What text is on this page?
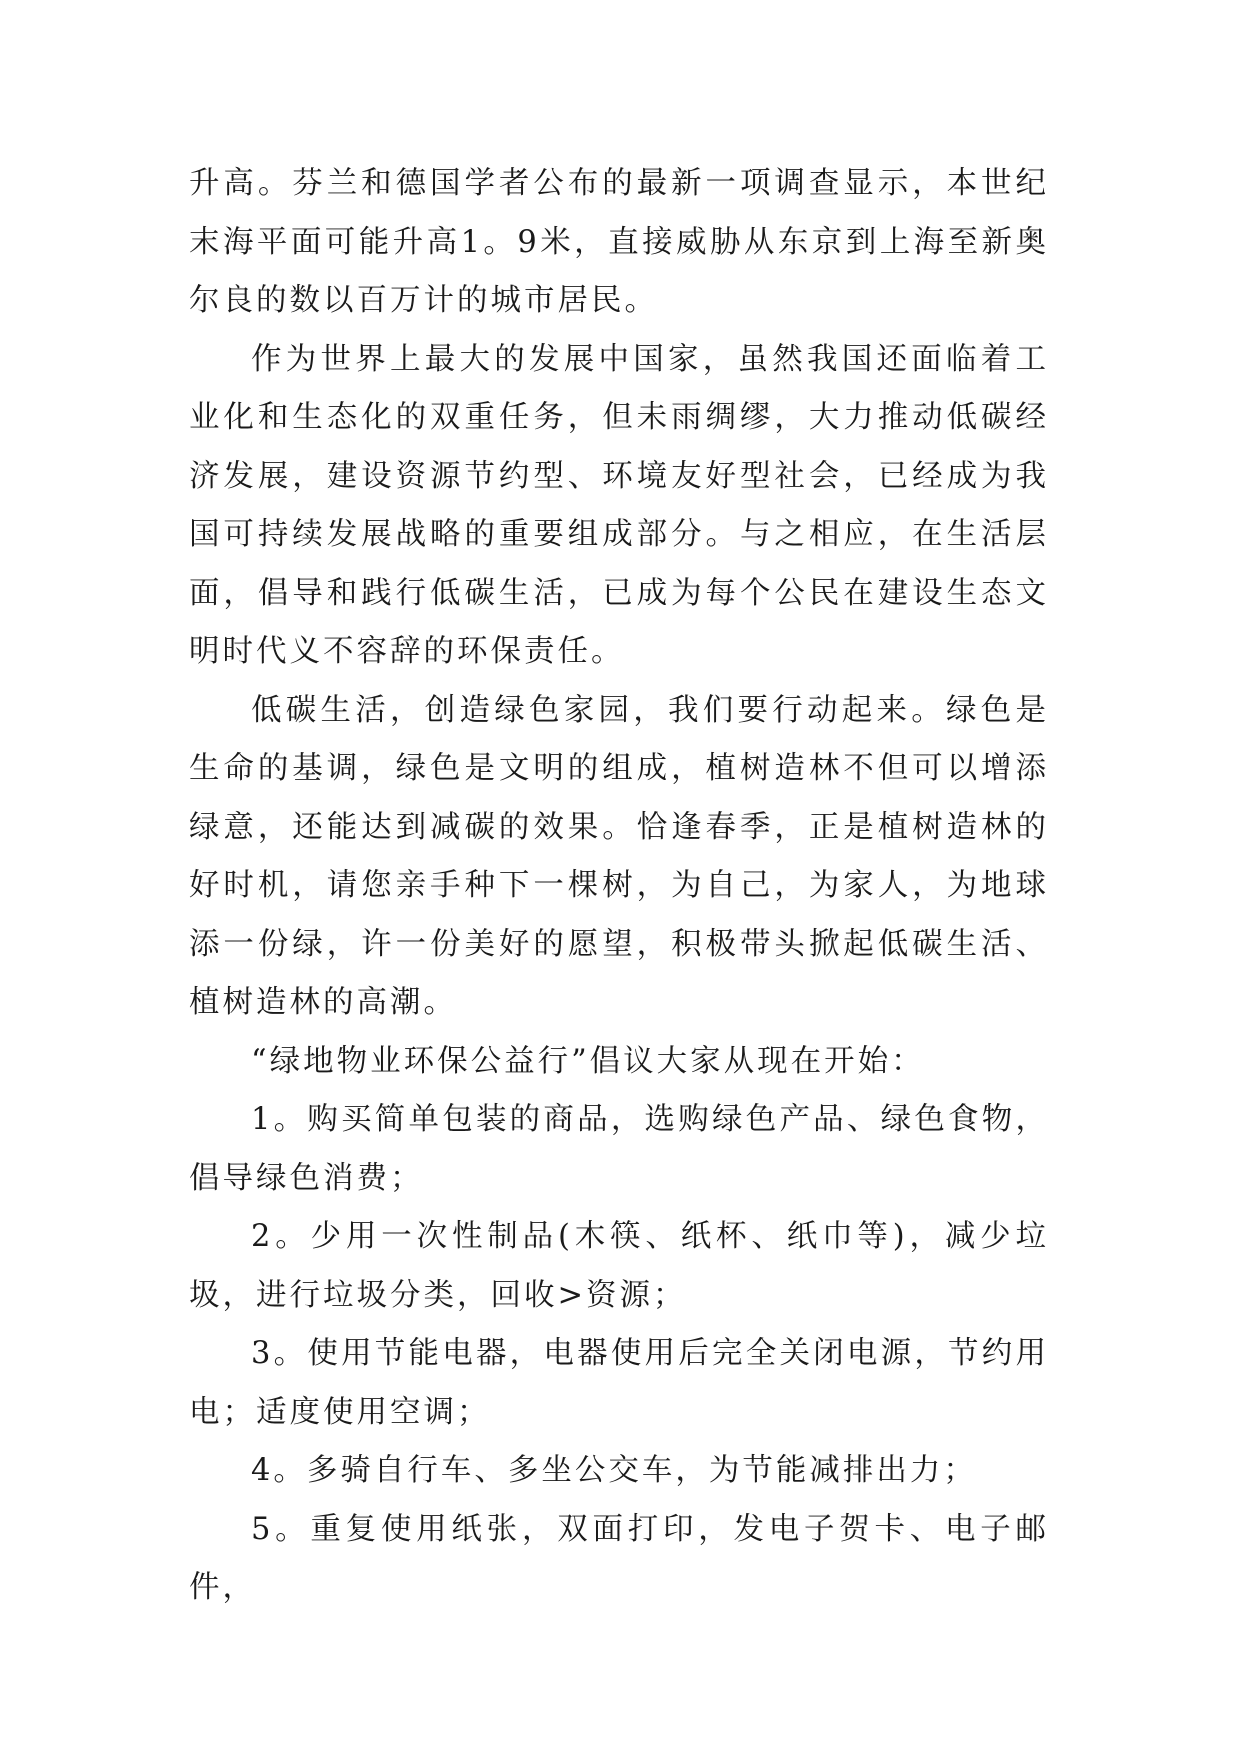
升高。芬兰和德国学者公布的最新一项调查显示，本世纪末海平面可能升高1。9米，直接威胁从东京到上海至新奥尔良的数以百万计的城市居民。

作为世界上最大的发展中国家，虽然我国还面临着工业化和生态化的双重任务，但未雨绸缪，大力推动低碳经济发展，建设资源节约型、环境友好型社会，已经成为我国可持续发展战略的重要组成部分。与之相应，在生活层面，倡导和践行低碳生活，已成为每个公民在建设生态文明时代义不容辞的环保责任。

低碳生活，创造绿色家园，我们要行动起来。绿色是生命的基调，绿色是文明的组成，植树造林不但可以增添绿意，还能达到减碳的效果。恰逢春季，正是植树造林的好时机，请您亲手种下一棵树，为自己，为家人，为地球添一份绿，许一份美好的愿望，积极带头掀起低碳生活、植树造林的高潮。

“绿地物业环保公益行”倡议大家从现在开始：

1。购买简单包装的商品，选购绿色产品、绿色食物，倡导绿色消费；

2。少用一次性制品(木筷、纸杯、纸巾等)，减少垃圾，进行垃圾分类，回收>资源；

3。使用节能电器，电器使用后完全关闭电源，节约用电；适度使用空调；

4。多骑自行车、多坐公交车，为节能减排出力；

5。重复使用纸张，双面打印，发电子贺卡、电子邮件，
